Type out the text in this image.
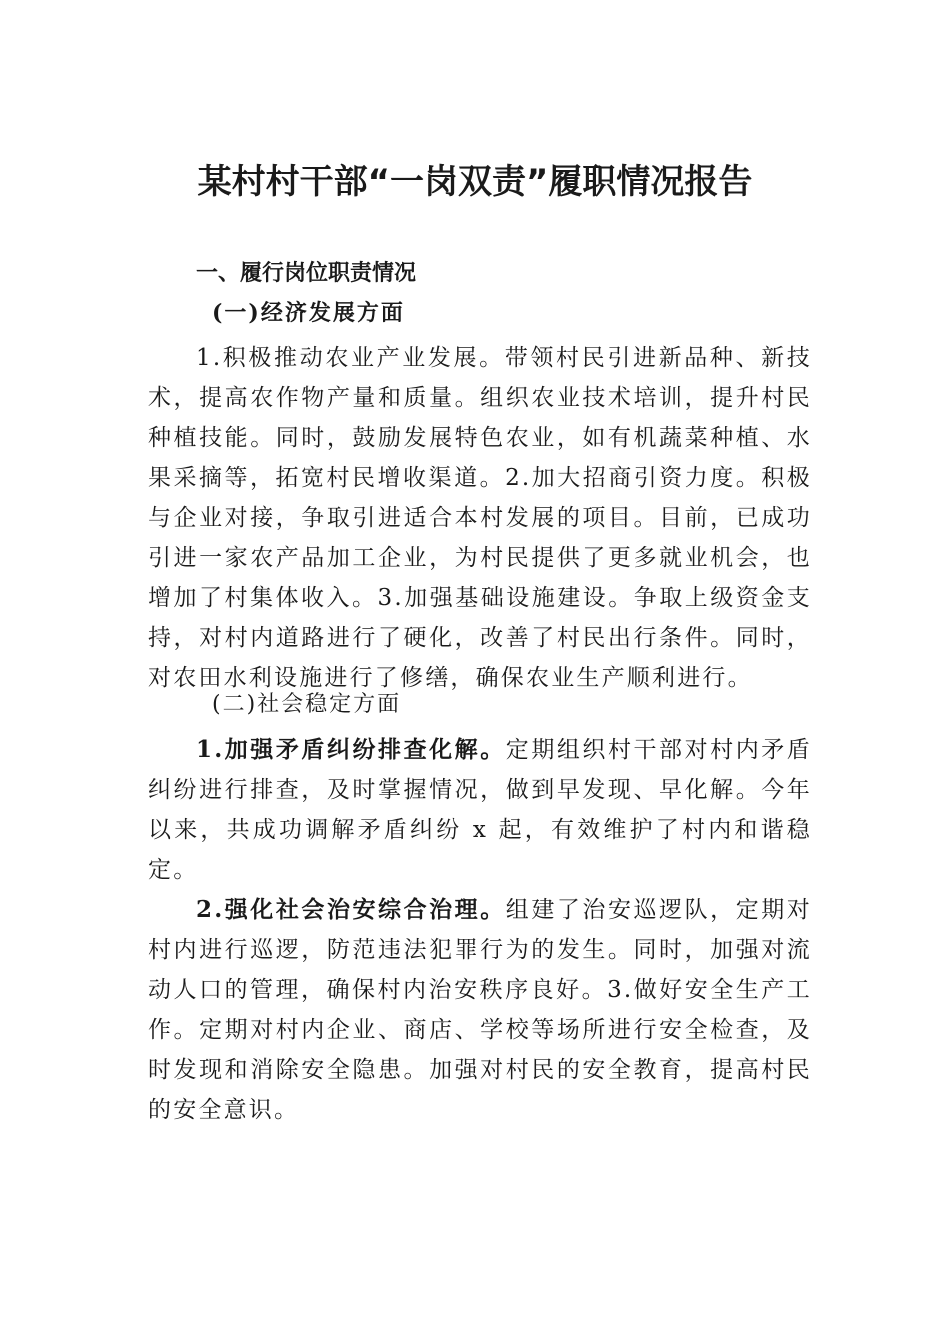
某村村干部“一岗双责”履职情况报告
一、履行岗位职责情况
(一)经济发展方面

1.积极推动农业产业发展。带领村民引进新品种、新技术，提高农作物产量和质量。组织农业技术培训，提升村民种植技能。同时，鼓励发展特色农业，如有机蔬菜种植、水果采摘等，拓宽村民增收渠道。2.加大招商引资力度。积极与企业对接，争取引进适合本村发展的项目。目前，已成功引进一家农产品加工企业，为村民提供了更多就业机会，也增加了村集体收入。3.加强基础设施建设。争取上级资金支持，对村内道路进行了硬化，改善了村民出行条件。同时，对农田水利设施进行了修缮，确保农业生产顺利进行。

(二)社会稳定方面

1.加强矛盾纠纷排查化解。定期组织村干部对村内矛盾纠纷进行排查，及时掌握情况，做到早发现、早化解。今年以来，共成功调解矛盾纠纷 x 起，有效维护了村内和谐稳定。

2.强化社会治安综合治理。组建了治安巡逻队，定期对村内进行巡逻，防范违法犯罪行为的发生。同时，加强对流动人口的管理，确保村内治安秩序良好。3.做好安全生产工作。定期对村内企业、商店、学校等场所进行安全检查，及时发现和消除安全隐患。加强对村民的安全教育，提高村民的安全意识。
